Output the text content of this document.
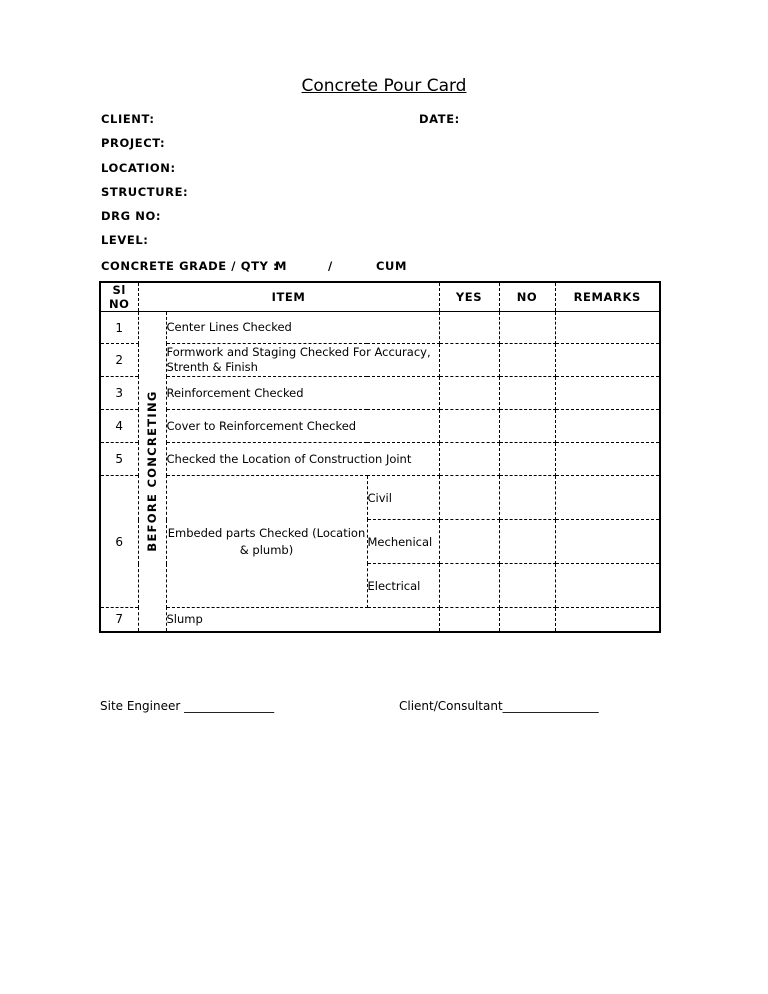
Concrete Pour Card
CLIENT:	DATE:
PROJECT:
LOCATION:
STRUCTURE:
DRG NO:
LEVEL:
CONCRETE GRADE / QTY :
M	/	CUM
Sl NO	ITEM			YES	NO	REMARKS
1	BEFORE CONCRETING	Center Lines Checked				
2		Formwork and Staging Checked For Accuracy, Strenth & Finish				
3		Reinforcement Checked				
4		Cover to Reinforcement Checked				
5		Checked the Location of Construction Joint				
6		Embeded parts Checked (Location & plumb)	Civil			
			Mechenical			
			Electrical			
7		Slump				
Site Engineer _______________	Client/Consultant________________
